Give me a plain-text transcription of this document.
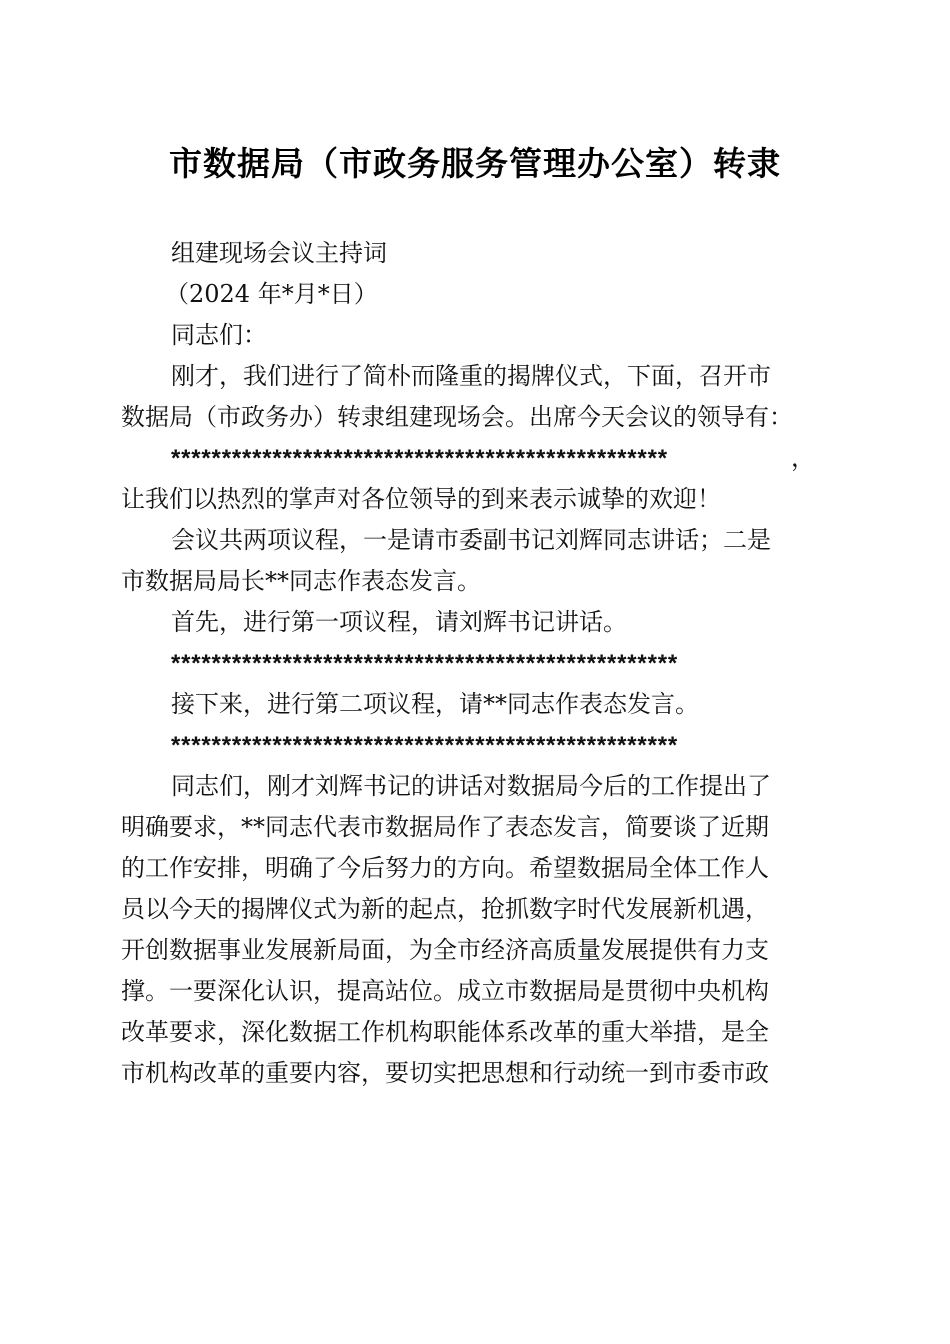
市数据局（市政务服务管理办公室）转隶

组建现场会议主持词

（2024 年*月*日）

同志们：

刚才，我们进行了简朴而隆重的揭牌仪式，下面，召开市

数据局（市政务办）转隶组建现场会。出席今天会议的领导有：

*************************************************	，

让我们以热烈的掌声对各位领导的到来表示诚挚的欢迎！

会议共两项议程，一是请市委副书记刘辉同志讲话；二是

市数据局局长**同志作表态发言。

首先，进行第一项议程，请刘辉书记讲话。

**************************************************

接下来，进行第二项议程，请**同志作表态发言。

**************************************************

同志们，刚才刘辉书记的讲话对数据局今后的工作提出了

明确要求，**同志代表市数据局作了表态发言，简要谈了近期

的工作安排，明确了今后努力的方向。希望数据局全体工作人

员以今天的揭牌仪式为新的起点，抢抓数字时代发展新机遇，

开创数据事业发展新局面，为全市经济高质量发展提供有力支

撑。一要深化认识，提高站位。成立市数据局是贯彻中央机构

改革要求，深化数据工作机构职能体系改革的重大举措，是全

市机构改革的重要内容，要切实把思想和行动统一到市委市政
